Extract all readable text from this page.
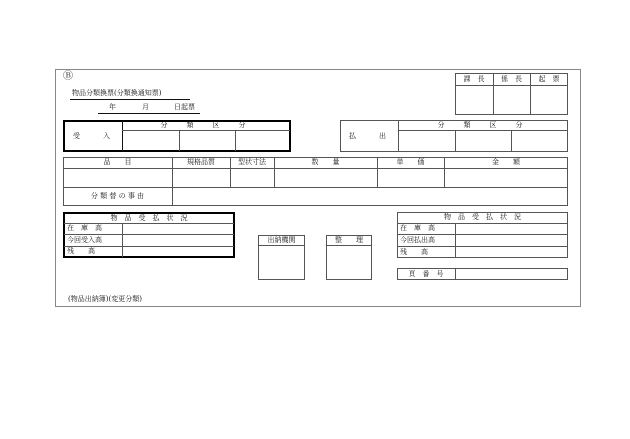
Ⓑ
物品分類換票(分類換通知票)
年	月	日起票
課　長	係　長	起　票
受　　入
分　類　区　分
払　　出
分　類　区　分
品　　目	規格品質	型状寸法	数　　量	単　　価	金　　額
分 類 替 の 事 由
物　品　受　払　状　況
在　庫　高
今回受入高
残　　高
出納機関	整　　理
物　品　受　払　状　況
在　庫　高
今回払出高
残　　高
頁　番　号
(物品出納簿)(変更分類)
